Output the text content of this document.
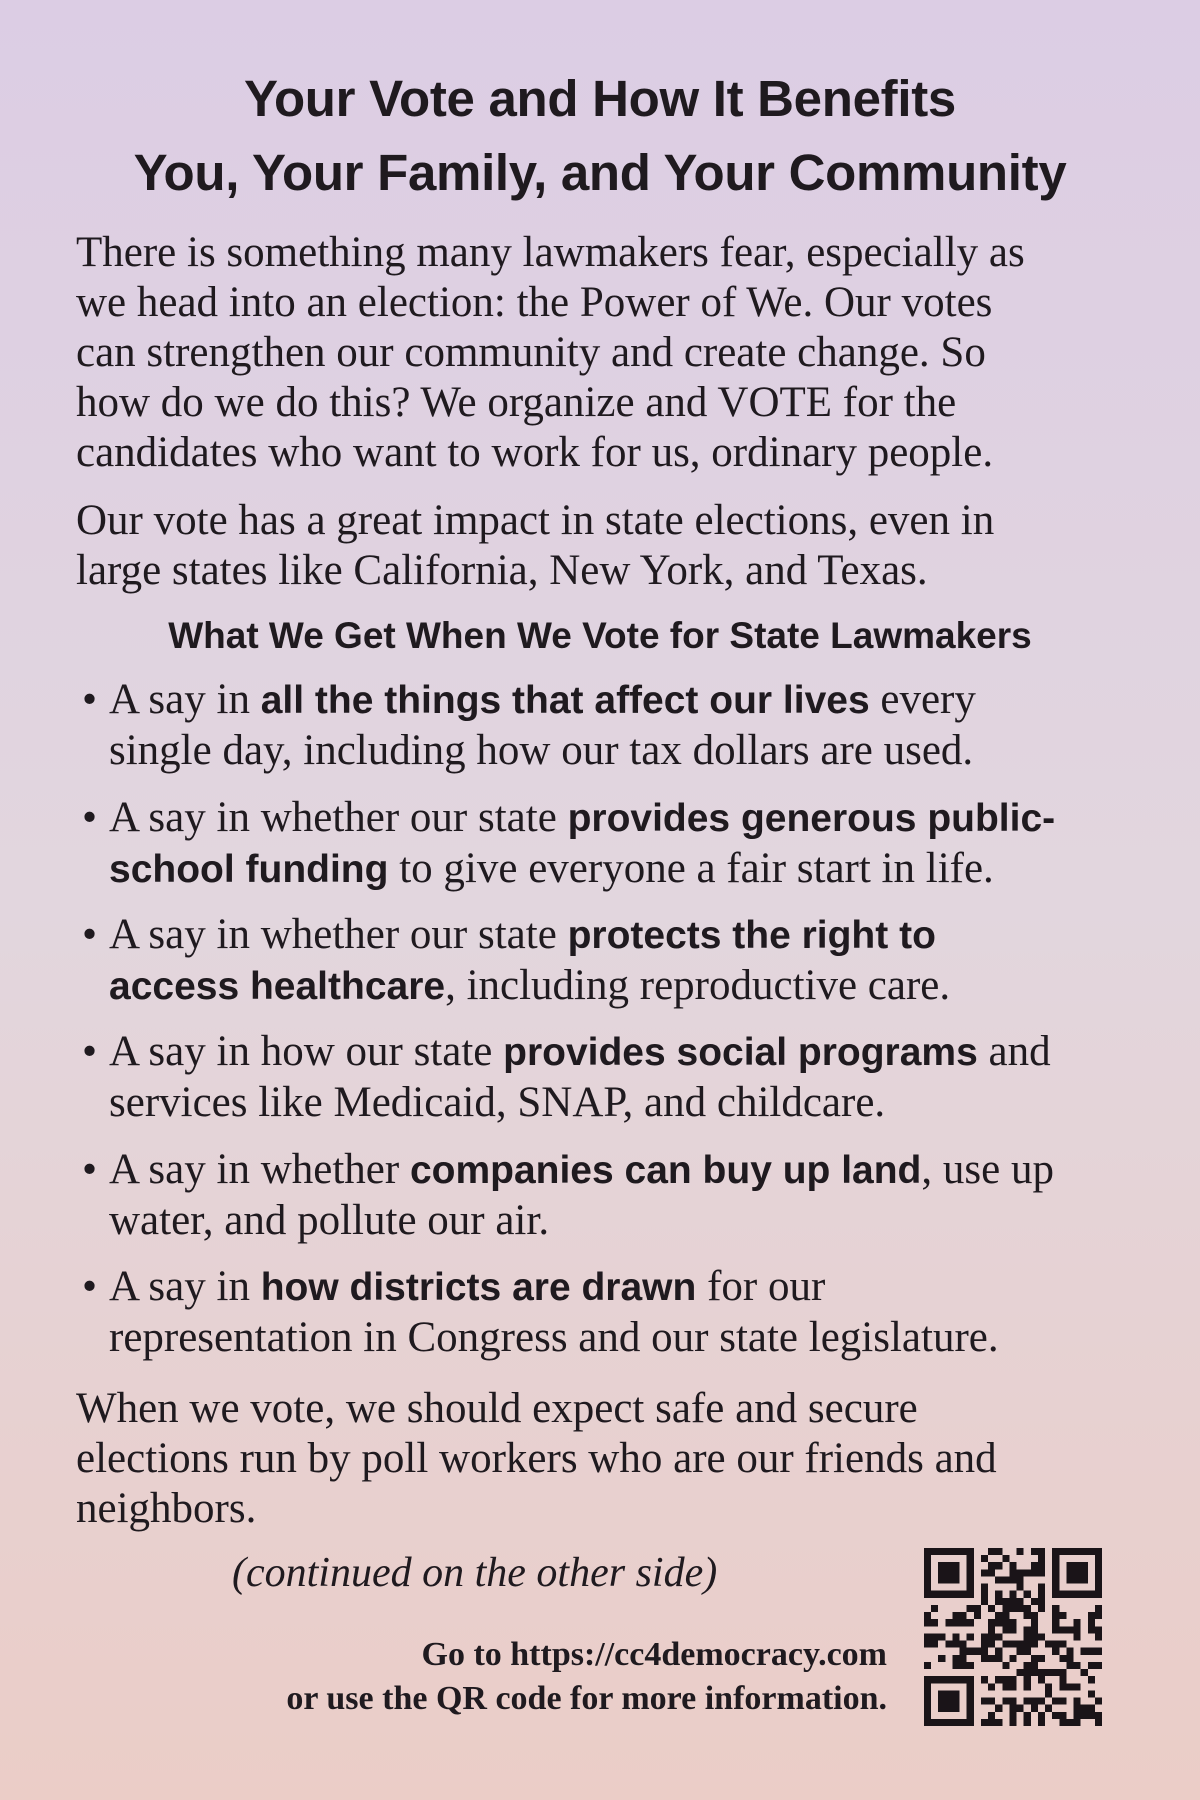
Your Vote and How It Benefits
You, Your Family, and Your Community

There is something many lawmakers fear, especially as
we head into an election: the Power of We. Our votes
can strengthen our community and create change. So
how do we do this? We organize and VOTE for the
candidates who want to work for us, ordinary people.

Our vote has a great impact in state elections, even in
large states like California, New York, and Texas.

What We Get When We Vote for State Lawmakers
• A say in all the things that affect our lives every
single day, including how our tax dollars are used.
• A say in whether our state provides generous public-
school funding to give everyone a fair start in life.
• A say in whether our state protects the right to
access healthcare, including reproductive care.
• A say in how our state provides social programs and
services like Medicaid, SNAP, and childcare.
• A say in whether companies can buy up land, use up
water, and pollute our air.
• A say in how districts are drawn for our
representation in Congress and our state legislature.

When we vote, we should expect safe and secure
elections run by poll workers who are our friends and
neighbors.

(continued on the other side)
Go to https://cc4democracy.com
or use the QR code for more information.
